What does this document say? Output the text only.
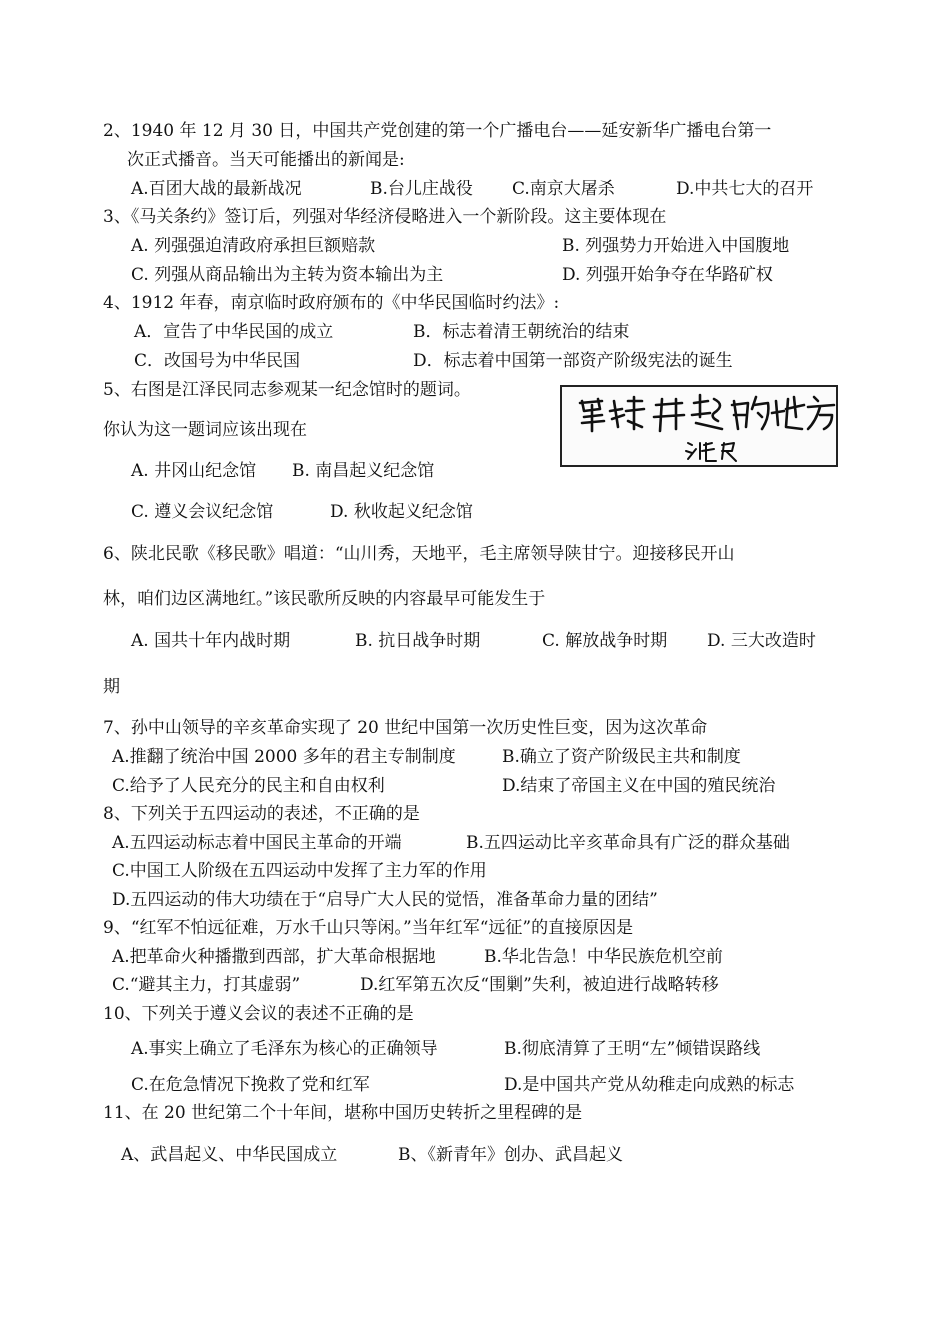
2、1940 年 12 月 30 日，中国共产党创建的第一个广播电台——延安新华广播电台第一
次正式播音。当天可能播出的新闻是:
A.百团大战的最新战况	B.台儿庄战役 C.南京大屠杀	D.中共七大的召开
3、《马关条约》签订后，列强对华经济侵略进入一个新阶段。这主要体现在
A. 列强强迫清政府承担巨额赔款	B. 列强势力开始进入中国腹地
C. 列强从商品输出为主转为资本输出为主	D. 列强开始争夺在华路矿权
4、1912 年春，南京临时政府颁布的《中华民国临时约法》:
A．宣告了中华民国的成立	B．标志着清王朝统治的结束
C．改国号为中华民国	D．标志着中国第一部资产阶级宪法的诞生
5、右图是江泽民同志参观某一纪念馆时的题词。
你认为这一题词应该出现在
A. 井冈山纪念馆 B. 南昌起义纪念馆
C. 遵义会议纪念馆	D. 秋收起义纪念馆
6、陕北民歌《移民歌》唱道：“山川秀，天地平，毛主席领导陕甘宁。迎接移民开山
林，咱们边区满地红。”该民歌所反映的内容最早可能发生于
A. 国共十年内战时期	B. 抗日战争时期	C. 解放战争时期 D. 三大改造时
期
7、孙中山领导的辛亥革命实现了 20 世纪中国第一次历史性巨变，因为这次革命
A.推翻了统治中国 2000 多年的君主专制制度	B.确立了资产阶级民主共和制度
C.给予了人民充分的民主和自由权利	D.结束了帝国主义在中国的殖民统治
8、下列关于五四运动的表述，不正确的是
A.五四运动标志着中国民主革命的开端	B.五四运动比辛亥革命具有广泛的群众基础
C.中国工人阶级在五四运动中发挥了主力军的作用
D.五四运动的伟大功绩在于“启导广大人民的觉悟，准备革命力量的团结”
9、“红军不怕远征难，万水千山只等闲。”当年红军“远征”的直接原因是
A.把革命火种播撒到西部，扩大革命根据地	B.华北告急！中华民族危机空前
C.“避其主力，打其虚弱”	D.红军第五次反“围剿”失利，被迫进行战略转移
10、下列关于遵义会议的表述不正确的是
A.事实上确立了毛泽东为核心的正确领导	B.彻底清算了王明“左”倾错误路线
C.在危急情况下挽救了党和红军	D.是中国共产党从幼稚走向成熟的标志
11、在 20 世纪第二个十年间，堪称中国历史转折之里程碑的是
A、武昌起义、中华民国成立	B、《新青年》创办、武昌起义
